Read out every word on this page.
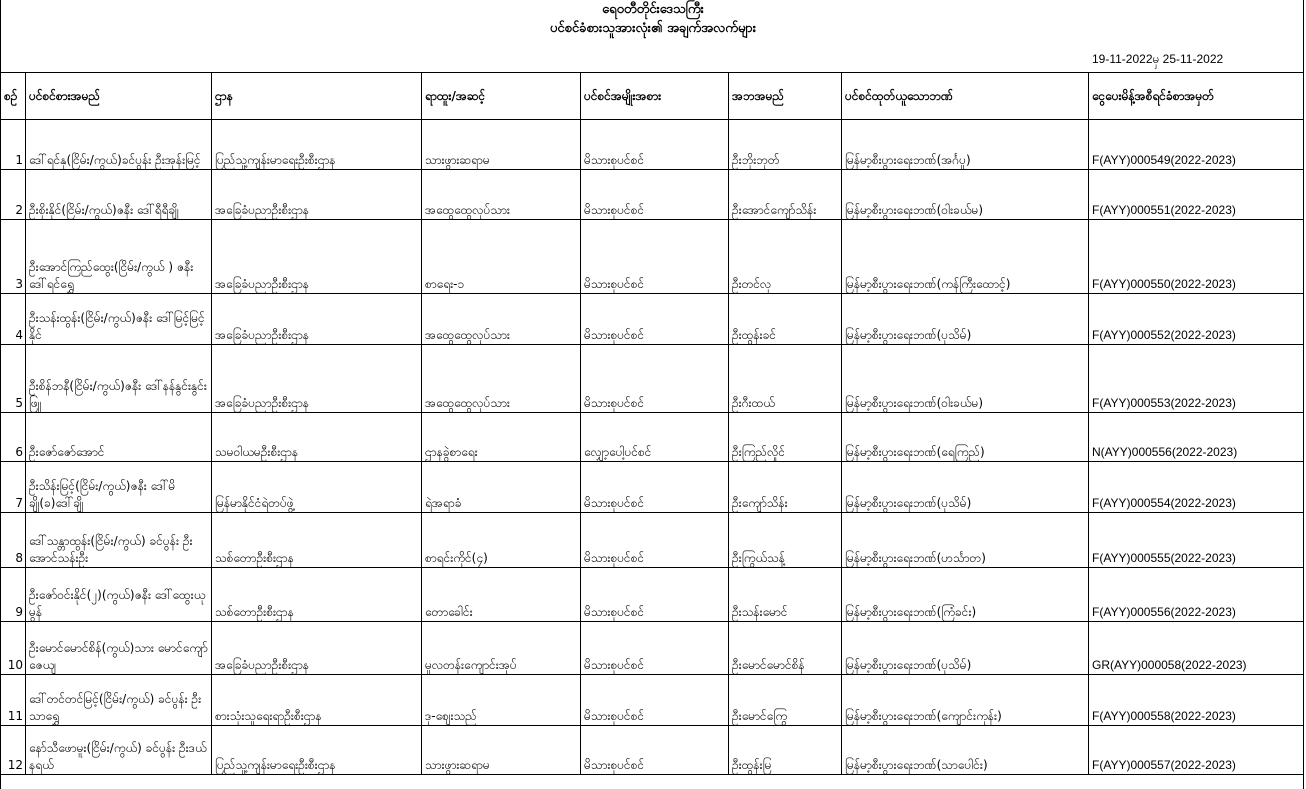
ရေဝတီတိုင်းဒေသကြီး
ပင်စင်ခံစားသူအားလုံး၏ အချက်အလက်များ
19-11-2022မှ 25-11-2022
စဉ်	ပင်စင်စားအမည်	ဌာန	ရာထူး/အဆင့်	ပင်စင်အမျိုးအစား	အဘအမည်	ပင်စင်ထုတ်ယူသောဘဏ်	ငွေပေးမိန့်အစီရင်ခံစာအမှတ်
1	ဒေါ်ရင်နု(ငြိမ်း/ကွယ်)ခင်ပွန်း ဦးအုန်းမြင့်	ပြည်သူ့ကျန်းမာရေးဦးစီးဌာန	သားဖွားဆရာမ	မိသားစုပင်စင်	ဦးဘိုးဘုတ်	မြန်မာ့စီးပွားရေးဘဏ်(အင်္ဂပူ)	F(AYY)000549(2022-2023)
2	ဦးစိုးနိုင်(ငြိမ်း/ကွယ်)ဇနီး ဒေါ်ရီရီချို	အခြေခံပညာဦးစီးဌာန	အထွေထွေလုပ်သား	မိသားစုပင်စင်	ဦးအောင်ကျော်သိန်း	မြန်မာ့စီးပွားရေးဘဏ်(ဝါးခယ်မ)	F(AYY)000551(2022-2023)
3	ဦးအောင်ကြည်ထွေး(ငြိမ်း/ကွယ် ) ဇနီး ဒေါ်ရင်ရွှေ	အခြေခံပညာဦးစီးဌာန	စာရေး-၁	မိသားစုပင်စင်	ဦးတင်လှ	မြန်မာ့စီးပွားရေးဘဏ်(ကန်ကြီးထောင့်)	F(AYY)000550(2022-2023)
4	ဦးသန်းထွန်း(ငြိမ်း/ကွယ်)ဇနီး ဒေါ်မြင့်မြင့်နိုင်	အခြေခံပညာဦးစီးဌာန	အထွေထွေလုပ်သား	မိသားစုပင်စင်	ဦးထွန်းခင်	မြန်မာ့စီးပွားရေးဘဏ်(ပုသိမ်)	F(AYY)000552(2022-2023)
5	ဦးစိန်ဘနီ(ငြိမ်း/ကွယ်)ဇနီး ဒေါ်နန်နွင်းနွင်းဖြူ	အခြေခံပညာဦးစီးဌာန	အထွေထွေလုပ်သား	မိသားစုပင်စင်	ဦးဂီးထယ်	မြန်မာ့စီးပွားရေးဘဏ်(ဝါးခယ်မ)	F(AYY)000553(2022-2023)
6	ဦးဇော်ဇော်အောင်	သမဝါယမဦးစီးဌာန	ဌာနခွဲစာရေး	လျှော့ပေါ့ပင်စင်	ဦးကြည်လှိုင်	မြန်မာ့စီးပွားရေးဘဏ်(ရေကြည်)	N(AYY)000556(2022-2023)
7	ဦးသိန်းမြင့်(ငြိမ်း/ကွယ်)ဇနီး ဒေါ်မိချို(ခ)ဒေါ်ချို	မြန်မာနိုင်ငံရဲတပ်ဖွဲ့	ရဲအရာခံ	မိသားစုပင်စင်	ဦးကျော်သိန်း	မြန်မာ့စီးပွားရေးဘဏ်(ပုသိမ်)	F(AYY)000554(2022-2023)
8	ဒေါ်သန္တာထွန်း(ငြိမ်း/ကွယ်) ခင်ပွန်း ဦးအောင်သန်းဦး	သစ်တောဦးစီးဌာန	စာရင်းကိုင်(၄)	မိသားစုပင်စင်	ဦးကြွယ်သန့်	မြန်မာ့စီးပွားရေးဘဏ်(ဟင်္သာတ)	F(AYY)000555(2022-2023)
9	ဦးဇော်ဝင်းနိုင်(၂)(ကွယ်)ဇနီး ဒေါ်ထွေးယုမွန်	သစ်တောဦးစီးဌာန	တောခေါင်း	မိသားစုပင်စင်	ဦးသန်းမောင်	မြန်မာ့စီးပွားရေးဘဏ်(ကြံခင်း)	F(AYY)000556(2022-2023)
10	ဦးမောင်မောင်စိန်(ကွယ်)သား မောင်ကျော်ဇေယျ	အခြေခံပညာဦးစီးဌာန	မူလတန်းကျောင်းအုပ်	မိသားစုပင်စင်	ဦးမောင်မောင်စိန်	မြန်မာ့စီးပွားရေးဘဏ်(ပုသိမ်)	GR(AYY)000058(2022-2023)
11	ဒေါ်တင်တင်မြင့်(ငြိမ်း/ကွယ်) ခင်ပွန်း ဦးသာရွှေ	စားသုံးသူရေးရာဦးစီးဌာန	ဒု-ဈေးသည်	မိသားစုပင်စင်	ဦးမောင်ကြွေ	မြန်မာ့စီးပွားရေးဘဏ်(ကျောင်းကုန်း)	F(AYY)000558(2022-2023)
12	နော်သီဖောမူး(ငြိမ်း/ကွယ်) ခင်ပွန်း ဦးဒယ်နရယ်	ပြည်သူ့ကျန်းမာရေးဦးစီးဌာန	သားဖွားဆရာမ	မိသားစုပင်စင်	ဦးထွန်းမြ	မြန်မာ့စီးပွားရေးဘဏ်(သာပေါင်း)	F(AYY)000557(2022-2023)
